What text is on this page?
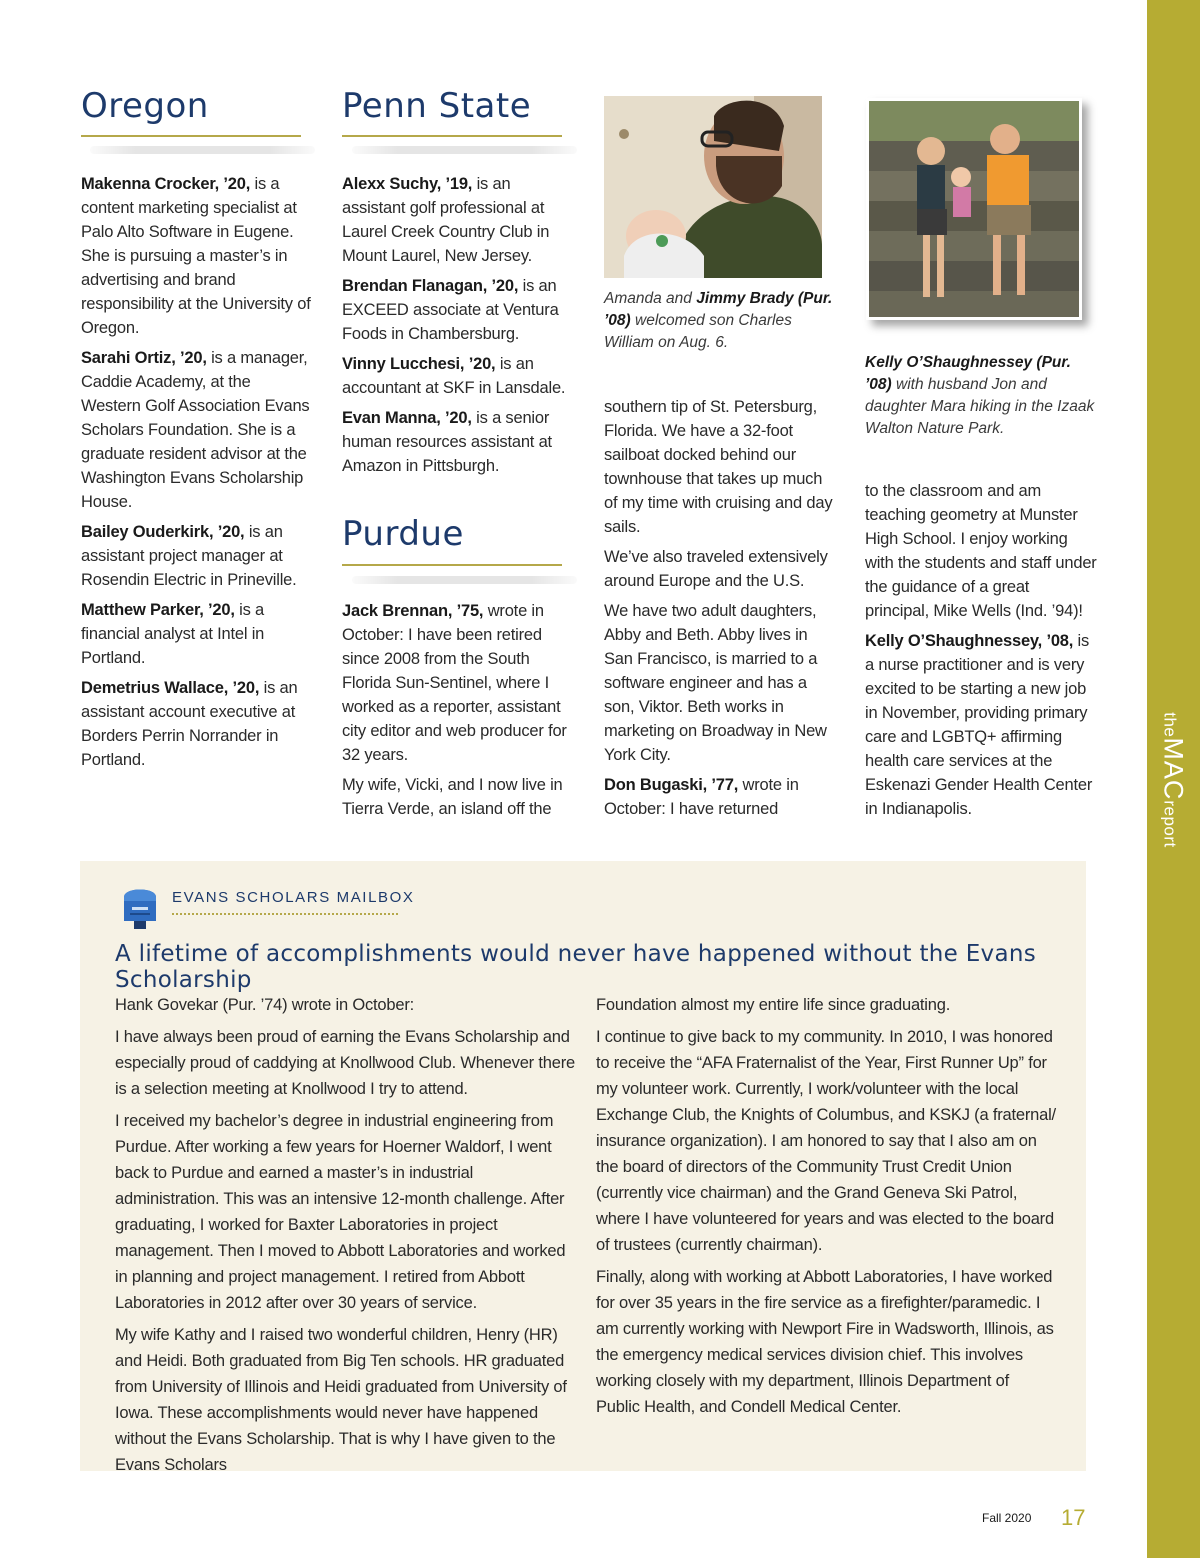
Oregon	Penn State

Makenna Crocker, ’20, is a content marketing specialist at Palo Alto Software in Eugene. She is pursuing a master’s in advertising and brand responsibility at the University of Oregon.

Sarahi Ortiz, ’20, is a manager, Caddie Academy, at the Western Golf Association Evans Scholars Foundation. She is a graduate resident advisor at the Washington Evans Scholarship House.

Bailey Ouderkirk, ’20, is an assistant project manager at Rosendin Electric in Prineville.

Matthew Parker, ’20, is a financial analyst at Intel in Portland.

Demetrius Wallace, ’20, is an assistant account executive at Borders Perrin Norrander in Portland.

Alexx Suchy, ’19, is an assistant golf professional at Laurel Creek Country Club in Mount Laurel, New Jersey.

Brendan Flanagan, ’20, is an EXCEED associate at Ventura Foods in Chambersburg.

Vinny Lucchesi, ’20, is an accountant at SKF in Lansdale.

Evan Manna, ’20, is a senior human resources assistant at Amazon in Pittsburgh.

Purdue

Jack Brennan, ’75, wrote in October: I have been retired since 2008 from the South Florida Sun-Sentinel, where I worked as a reporter, assistant city editor and web producer for 32 years.

My wife, Vicki, and I now live in Tierra Verde, an island off the

Amanda and Jimmy Brady (Pur. ’08) welcomed son Charles William on Aug. 6.

southern tip of St. Petersburg, Florida. We have a 32-foot sailboat docked behind our townhouse that takes up much of my time with cruising and day sails.

We’ve also traveled extensively around Europe and the U.S.

We have two adult daughters, Abby and Beth. Abby lives in San Francisco, is married to a software engineer and has a son, Viktor. Beth works in marketing on Broadway in New York City.

Don Bugaski, ’77, wrote in October: I have returned

Kelly O’Shaughnessey (Pur. ’08) with husband Jon and daughter Mara hiking in the Izaak Walton Nature Park.

to the classroom and am teaching geometry at Munster High School. I enjoy working with the students and staff under the guidance of a great principal, Mike Wells (Ind. ’94)!

Kelly O’Shaughnessey, ’08, is a nurse practitioner and is very excited to be starting a new job in November, providing primary care and LGBTQ+ affirming health care services at the Eskenazi Gender Health Center in Indianapolis.

theMACreport
EVANS SCHOLARS MAILBOX
A lifetime of accomplishments would never have happened without the Evans Scholarship

Hank Govekar (Pur. ’74) wrote in October:

I have always been proud of earning the Evans Scholarship and especially proud of caddying at Knollwood Club. Whenever there is a selection meeting at Knollwood I try to attend.

I received my bachelor’s degree in industrial engineering from Purdue. After working a few years for Hoerner Waldorf, I went back to Purdue and earned a master’s in industrial administration. This was an intensive 12-month challenge. After graduating, I worked for Baxter Laboratories in project management. Then I moved to Abbott Laboratories and worked in planning and project management. I retired from Abbott Laboratories in 2012 after over 30 years of service.

My wife Kathy and I raised two wonderful children, Henry (HR) and Heidi. Both graduated from Big Ten schools. HR graduated from University of Illinois and Heidi graduated from University of Iowa. These accomplishments would never have happened without the Evans Scholarship. That is why I have given to the Evans Scholars

Foundation almost my entire life since graduating.

I continue to give back to my community. In 2010, I was honored to receive the “AFA Fraternalist of the Year, First Runner Up” for my volunteer work. Currently, I work/volunteer with the local Exchange Club, the Knights of Columbus, and KSKJ (a fraternal/ insurance organization). I am honored to say that I also am on the board of directors of the Community Trust Credit Union (currently vice chairman) and the Grand Geneva Ski Patrol, where I have volunteered for years and was elected to the board of trustees (currently chairman).

Finally, along with working at Abbott Laboratories, I have worked for over 35 years in the fire service as a firefighter/paramedic. I am currently working with Newport Fire in Wadsworth, Illinois, as the emergency medical services division chief. This involves working closely with my department, Illinois Department of Public Health, and Condell Medical Center.

Fall 2020 17
